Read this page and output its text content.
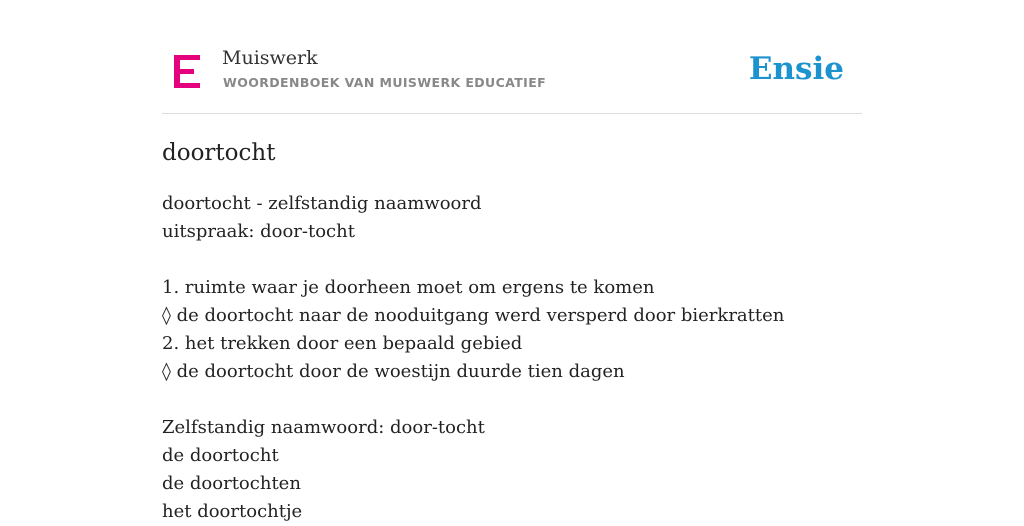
Muiswerk
WOORDENBOEK VAN MUISWERK EDUCATIEF	Ensie
doortocht
doortocht - zelfstandig naamwoord
uitspraak: door-tocht
1. ruimte waar je doorheen moet om ergens te komen
◊ de doortocht naar de nooduitgang werd versperd door bierkratten
2. het trekken door een bepaald gebied
◊ de doortocht door de woestijn duurde tien dagen
Zelfstandig naamwoord: door-tocht
de doortocht
de doortochten
het doortochtje
